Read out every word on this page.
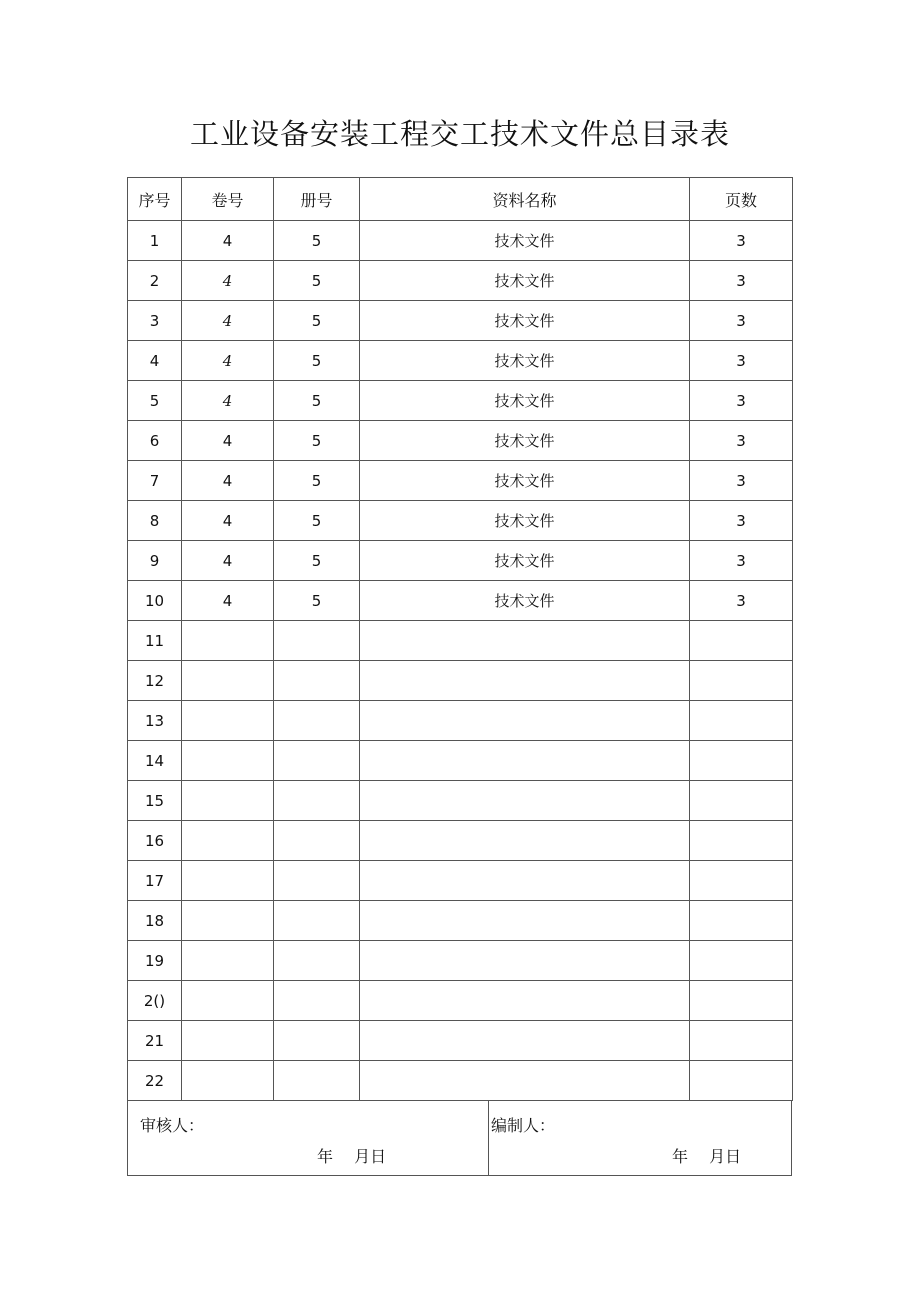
工业设备安装工程交工技术文件总目录表
序号	卷号	册号	资料名称	页数
1	4	5	技术文件	3
2	4	5	技术文件	3
3	4	5	技术文件	3
4	4	5	技术文件	3
5	4	5	技术文件	3
6	4	5	技术文件	3
7	4	5	技术文件	3
8	4	5	技术文件	3
9	4	5	技术文件	3
10	4	5	技术文件	3
11				
12				
13				
14				
15				
16				
17				
18				
19				
2()				
21				
22				
审核人：
年　 月日
编制人：
年　 月日
